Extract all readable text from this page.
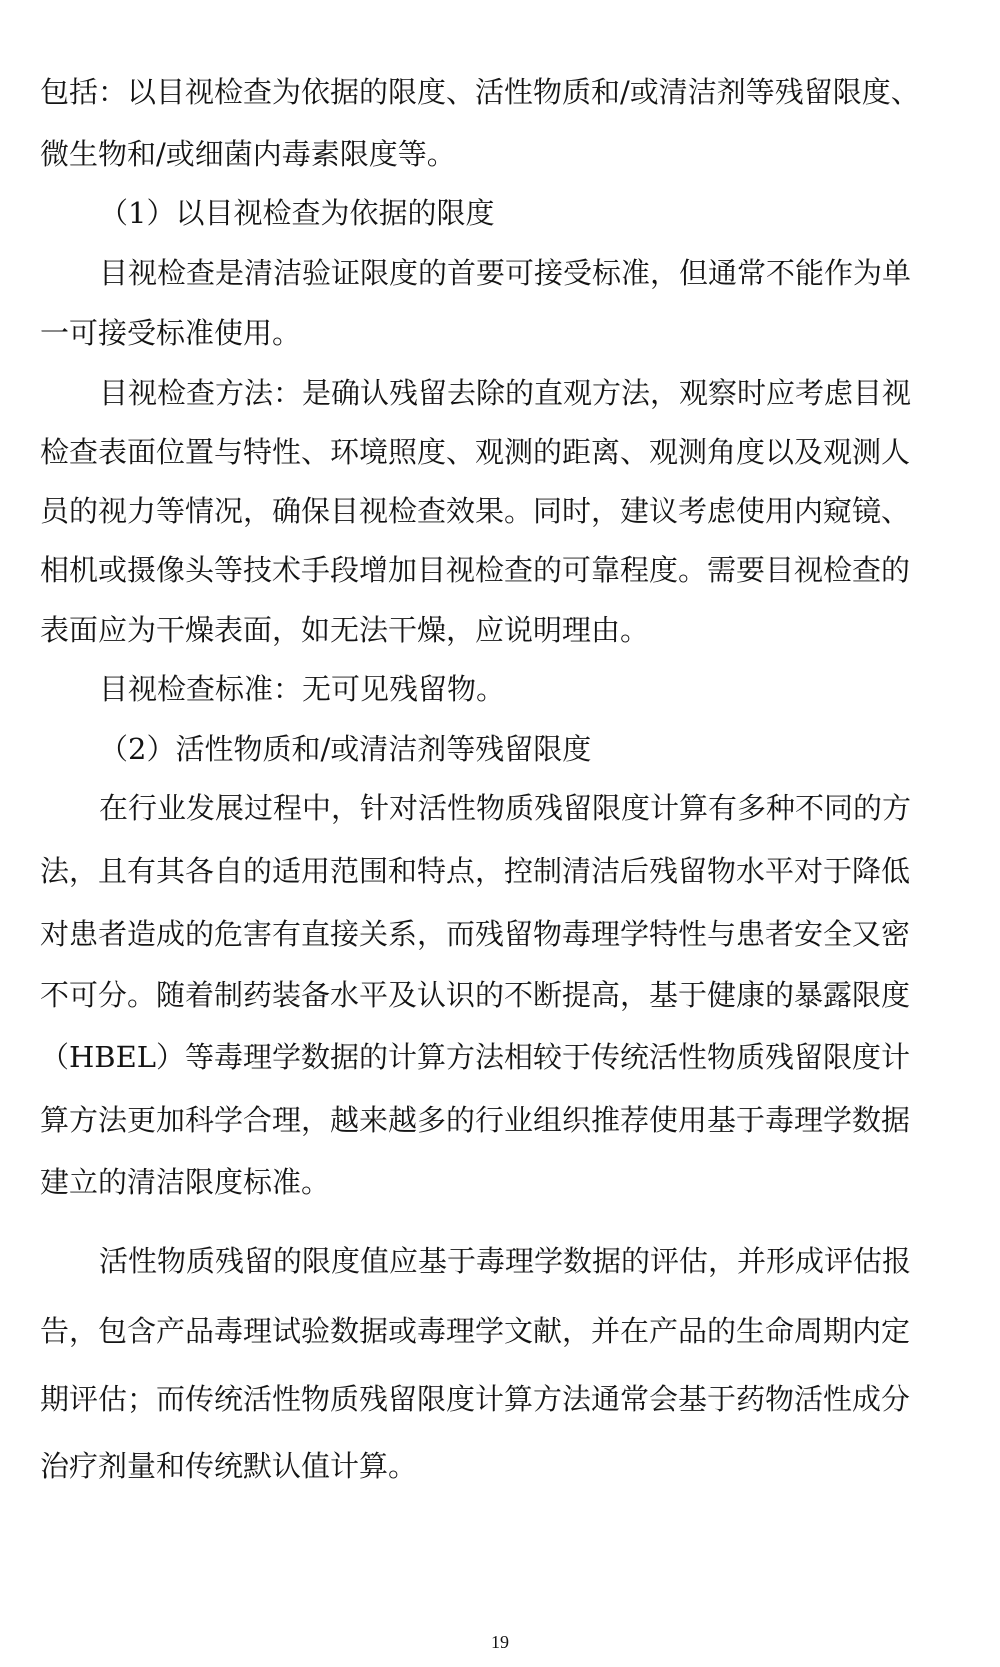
包括：以目视检查为依据的限度、活性物质和/或清洁剂等残留限度、
微生物和/或细菌内毒素限度等。
（1）以目视检查为依据的限度
目视检查是清洁验证限度的首要可接受标准，但通常不能作为单
一可接受标准使用。
目视检查方法：是确认残留去除的直观方法，观察时应考虑目视
检查表面位置与特性、环境照度、观测的距离、观测角度以及观测人
员的视力等情况，确保目视检查效果。同时，建议考虑使用内窥镜、
相机或摄像头等技术手段增加目视检查的可靠程度。需要目视检查的
表面应为干燥表面，如无法干燥，应说明理由。
目视检查标准：无可见残留物。
（2）活性物质和/或清洁剂等残留限度
在行业发展过程中，针对活性物质残留限度计算有多种不同的方
法，且有其各自的适用范围和特点，控制清洁后残留物水平对于降低
对患者造成的危害有直接关系，而残留物毒理学特性与患者安全又密
不可分。随着制药装备水平及认识的不断提高，基于健康的暴露限度
（HBEL）等毒理学数据的计算方法相较于传统活性物质残留限度计
算方法更加科学合理，越来越多的行业组织推荐使用基于毒理学数据
建立的清洁限度标准。
活性物质残留的限度值应基于毒理学数据的评估，并形成评估报
告，包含产品毒理试验数据或毒理学文献，并在产品的生命周期内定
期评估；而传统活性物质残留限度计算方法通常会基于药物活性成分
治疗剂量和传统默认值计算。
19
